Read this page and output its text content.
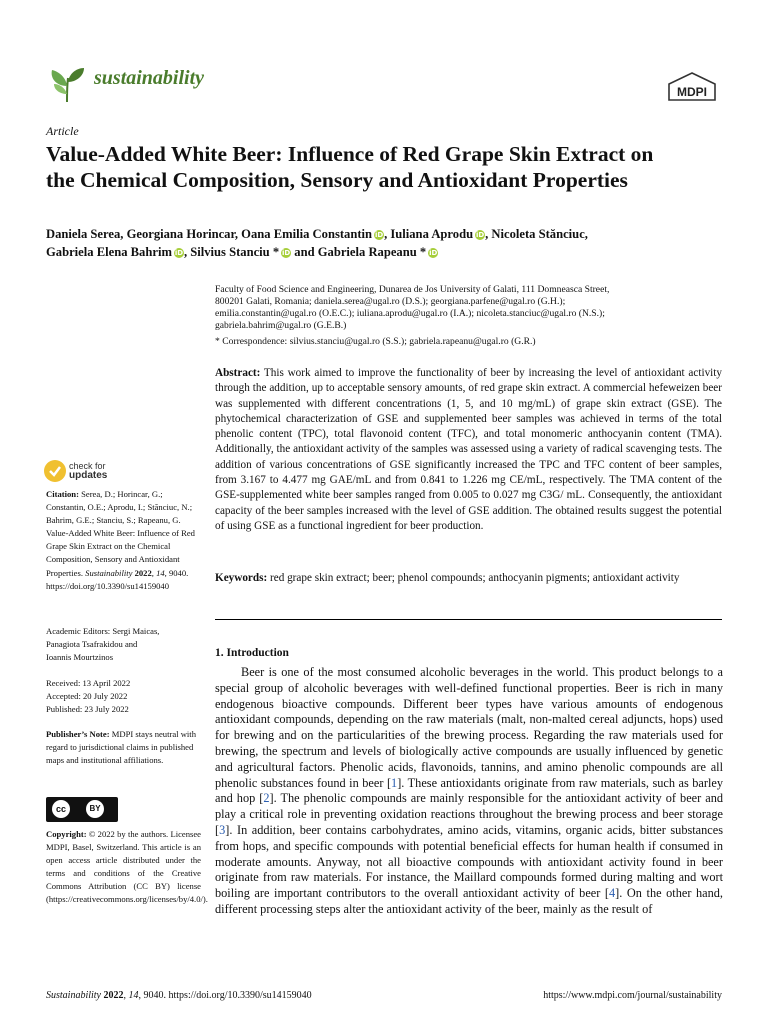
sustainability
MDPI
Article
Value-Added White Beer: Influence of Red Grape Skin Extract on the Chemical Composition, Sensory and Antioxidant Properties
Daniela Serea, Georgiana Horincar, Oana Emilia Constantin iD, Iuliana Aprodu iD, Nicoleta Stănciuc,
Gabriela Elena Bahrim iD, Silvius Stanciu * iD and Gabriela Rapeanu * iD
Faculty of Food Science and Engineering, Dunarea de Jos University of Galati, 111 Domneasca Street,
800201 Galati, Romania; daniela.serea@ugal.ro (D.S.); georgiana.parfene@ugal.ro (G.H.);
emilia.constantin@ugal.ro (O.E.C.); iuliana.aprodu@ugal.ro (I.A.); nicoleta.stanciuc@ugal.ro (N.S.);
gabriela.bahrim@ugal.ro (G.E.B.)
* Correspondence: silvius.stanciu@ugal.ro (S.S.); gabriela.rapeanu@ugal.ro (G.R.)
Abstract: This work aimed to improve the functionality of beer by increasing the level of antioxidant activity through the addition, up to acceptable sensory amounts, of red grape skin extract. A commercial hefeweizen beer was supplemented with different concentrations (1, 5, and 10 mg/mL) of grape skin extract (GSE). The phytochemical characterization of GSE and supplemented beer samples was achieved in terms of the total phenolic content (TPC), total flavonoid content (TFC), and total monomeric anthocyanin content (TMA). Additionally, the antioxidant activity of the samples was assessed using a variety of radical scavenging tests. The addition of various concentrations of GSE significantly increased the TPC and TFC content of beer samples, from 3.167 to 4.477 mg GAE/mL and from 0.841 to 1.226 mg CE/mL, respectively. The TMA content of the GSE-supplemented white beer samples ranged from 0.005 to 0.027 mg C3G/ mL. Consequently, the antioxidant capacity of the beer samples increased with the level of GSE addition. The obtained results suggest the potential of using GSE as a functional ingredient for beer production.
Keywords: red grape skin extract; beer; phenol compounds; anthocyanin pigments; antioxidant activity
1. Introduction
Beer is one of the most consumed alcoholic beverages in the world. This product belongs to a special group of alcoholic beverages with well-defined functional properties. Beer is rich in many endogenous bioactive compounds. Different beer types have various amounts of endogenous antioxidant compounds, depending on the raw materials (malt, non-malted cereal adjuncts, hops) used for brewing and on the particularities of the brewing process. Regarding the raw materials used for brewing, the spectrum and levels of biologically active compounds are usually influenced by genetic and agricultural factors. Phenolic acids, flavonoids, tannins, and amino phenolic compounds are all phenolic substances found in beer [1]. These antioxidants originate from raw materials, such as barley and hop [2]. The phenolic compounds are mainly responsible for the antioxidant activity of beer and play a critical role in preventing oxidation reactions throughout the brewing process and beer storage [3]. In addition, beer contains carbohydrates, amino acids, vitamins, organic acids, bitter substances from hops, and specific compounds with potential beneficial effects for human health if consumed in moderate amounts. Anyway, not all bioactive compounds with antioxidant activity found in beer originate from raw materials. For instance, the Maillard compounds formed during malting and wort boiling are important contributors to the overall antioxidant activity of beer [4]. On the other hand, different processing steps alter the antioxidant activity of the beer, mainly as the result of
check for
updates
Citation: Serea, D.; Horincar, G.; Constantin, O.E.; Aprodu, I.; Stănciuc, N.; Bahrim, G.E.; Stanciu, S.; Rapeanu, G. Value-Added White Beer: Influence of Red Grape Skin Extract on the Chemical Composition, Sensory and Antioxidant Properties. Sustainability 2022, 14, 9040. https://doi.org/10.3390/su14159040
Academic Editors: Sergi Maicas,
Panagiota Tsafrakidou and
Ioannis Mourtzinos
Received: 13 April 2022
Accepted: 20 July 2022
Published: 23 July 2022
Publisher’s Note: MDPI stays neutral with regard to jurisdictional claims in published maps and institutional affiliations.
cc	BY
Copyright: © 2022 by the authors. Licensee MDPI, Basel, Switzerland. This article is an open access article distributed under the terms and conditions of the Creative Commons Attribution (CC BY) license (https://creativecommons.org/licenses/by/4.0/).
Sustainability 2022, 14, 9040. https://doi.org/10.3390/su14159040	https://www.mdpi.com/journal/sustainability
